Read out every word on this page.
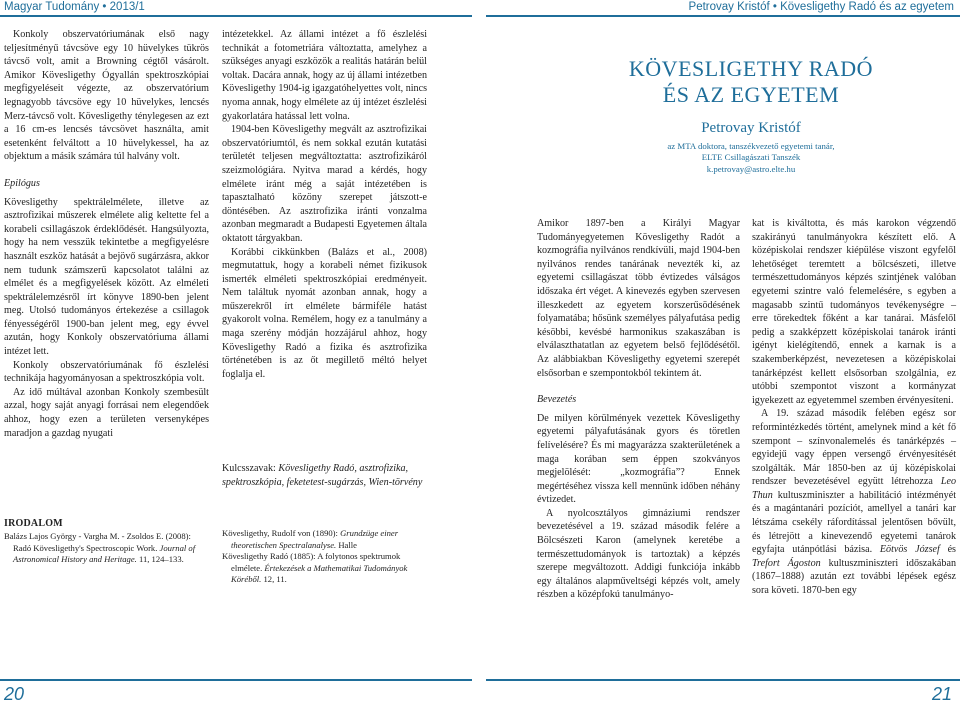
Magyar Tudomány • 2013/1	Petrovay Kristóf • Kövesligethy Radó és az egyetem

Konkoly obszervatóriumának első nagy teljesítményű távcsöve egy 10 hüvelykes tükrös távcső volt, amit a Browning cégtől vásárolt. Amikor Kövesligethy Ógyallán spektroszkópiai megfigyeléseit végezte, az obszervatórium legnagyobb távcsöve egy 10 hüvelykes, lencsés Merz-távcső volt. Kövesligethy ténylegesen az ezt a 16 cm-es lencsés távcsövet használta, amit esetenként felváltott a 10 hüvelykessel, ha az objektum a másik számára túl halvány volt.

Epilógus

Kövesligethy spektrálelmélete, illetve az asztrofizikai műszerek elmélete alig keltette fel a korabeli csillagászok érdeklődését. Hangsúlyozta, hogy ha nem vesszük tekintetbe a megfigyelésre használt eszköz hatását a bejövő sugárzásra, akkor nem tudunk számszerű kapcsolatot találni az elmélet és a megfigyelések között. Az elméleti spektrálelemzésről írt könyve 1890-ben jelent meg. Utolsó tudományos értekezése a csillagok fényességéről 1900-ban jelent meg, egy évvel azután, hogy Konkoly obszervatóriuma állami intézet lett.

Konkoly obszervatóriumának fő észlelési technikája hagyományosan a spektroszkópia volt.

Az idő múltával azonban Konkoly szembesült azzal, hogy saját anyagi forrásai nem elegendőek ahhoz, hogy ezen a területen versenyképes maradjon a gazdag nyugati

IRODALOM

Balázs Lajos György - Vargha M. - Zsoldos E. (2008): Radó Kövesligethy's Spectroscopic Work. Journal of Astronomical History and Heritage. 11, 124–133.

intézetekkel. Az állami intézet a fő észlelési technikát a fotometriára változtatta, amelyhez a szükséges anyagi eszközök a realitás határán belül voltak. Dacára annak, hogy az új állami intézetben Kövesligethy 1904-ig igazgatóhelyettes volt, nincs nyoma annak, hogy elmélete az új intézet észlelési gyakorlatára hatással lett volna.

1904-ben Kövesligethy megvált az asztrofizikai obszervatóriumtól, és nem sokkal ezután kutatási területét teljesen megváltoztatta: asztrofizikáról szeizmológiára. Nyitva marad a kérdés, hogy elmélete iránt még a saját intézetében is tapasztalható közöny szerepet játszott-e döntésében. Az asztrofizika iránti vonzalma azonban megmaradt a Budapesti Egyetemen általa oktatott tárgyakban.

Korábbi cikkünkben (Balázs et al., 2008) megmutattuk, hogy a korabeli német fizikusok ismerték elméleti spektroszkópiai eredményeit. Nem találtuk nyomát azonban annak, hogy a műszerekről írt elmélete bármiféle hatást gyakorolt volna. Remélem, hogy ez a tanulmány a maga szerény módján hozzájárul ahhoz, hogy Kövesligethy Radó a fizika és asztrofizika történetében is az őt megillető méltó helyet foglalja el.

Kulcsszavak: Kövesligethy Radó, asztrofizika, spektroszkópia, feketetest-sugárzás, Wien-törvény

Kövesligethy, Rudolf von (1890): Grundzüge einer theoretischen Spectralanalyse. Halle

Kövesligethy Radó (1885): A folytonos spektrumok elmélete. Értekezések a Mathematikai Tudományok Köréből. 12, 11.

KÖVESLIGETHY RADÓ
ÉS AZ EGYETEM
Petrovay Kristóf
az MTA doktora, tanszékvezető egyetemi tanár,
ELTE Csillagászati Tanszék
k.petrovay@astro.elte.hu

Amikor 1897-ben a Királyi Magyar Tudományegyetemen Kövesligethy Radót a kozmográfia nyilvános rendkívüli, majd 1904-ben nyilvános rendes tanárának nevezték ki, az egyetemi csillagászat több évtizedes válságos időszaka ért véget. A kinevezés egyben szervesen illeszkedett az egyetem korszerűsödésének folyamatába; hősünk személyes pályafutása pedig késöbbi, kevésbé harmonikus szakaszában is elválaszthatatlan az egyetem belső fejlődésétől. Az alábbiakban Kövesligethy egyetemi szerepét elsősorban e szempontokból tekintem át.

Bevezetés

De milyen körülmények vezettek Kövesligethy egyetemi pályafutásának gyors és töretlen felívelésére? És mi magyarázza szakterületének a maga korában sem éppen szokványos megjelölését: „kozmográfia”? Ennek megértéséhez vissza kell mennünk időben néhány évtizedet.

A nyolcosztályos gimnáziumi rendszer bevezetésével a 19. század második felére a Bölcsészeti Karon (amelynek keretébe a természettudományok is tartoztak) a képzés szerepe megváltozott. Addigi funkciója inkább egy általános alapműveltségi képzés volt, amely részben a középfokú tanulmányo-

kat is kiváltotta, és más karokon végzendő szakirányú tanulmányokra készített elő. A középiskolai rendszer kiépülése viszont egyfelől lehetőséget teremtett a bölcsészeti, illetve természettudományos képzés szintjének valóban egyetemi szintre való felemelésére, s egyben a magasabb szintű tudományos tevékenységre – erre törekedtek főként a kar tanárai. Másfelől pedig a szakképzett középiskolai tanárok iránti igényt kielégítendő, ennek a karnak is a szakemberképzést, nevezetesen a középiskolai tanárképzést kellett elsősorban szolgálnia, ez utóbbi szempontot viszont a kormányzat igyekezett az egyetemmel szemben érvényesíteni.

A 19. század második felében egész sor reformintézkedés történt, amelynek mind a két fő szempont – színvonalemelés és tanárképzés – egyidejű vagy éppen versengő érvényesítését szolgálták. Már 1850-ben az új középiskolai rendszer bevezetésével együtt létrehozza Leo Thun kultuszminiszter a habilitáció intézményét és a magántanári pozíciót, amellyel a tanári kar létszáma csekély ráfordítással jelentősen bővült, és létrejött a kinevezendő egyetemi tanárok egyfajta utánpótlási bázisa. Eötvös József és Trefort Ágoston kultuszminiszteri időszakában (1867–1888) azután ezt további lépések egész sora követi. 1870-ben egy

20	21
